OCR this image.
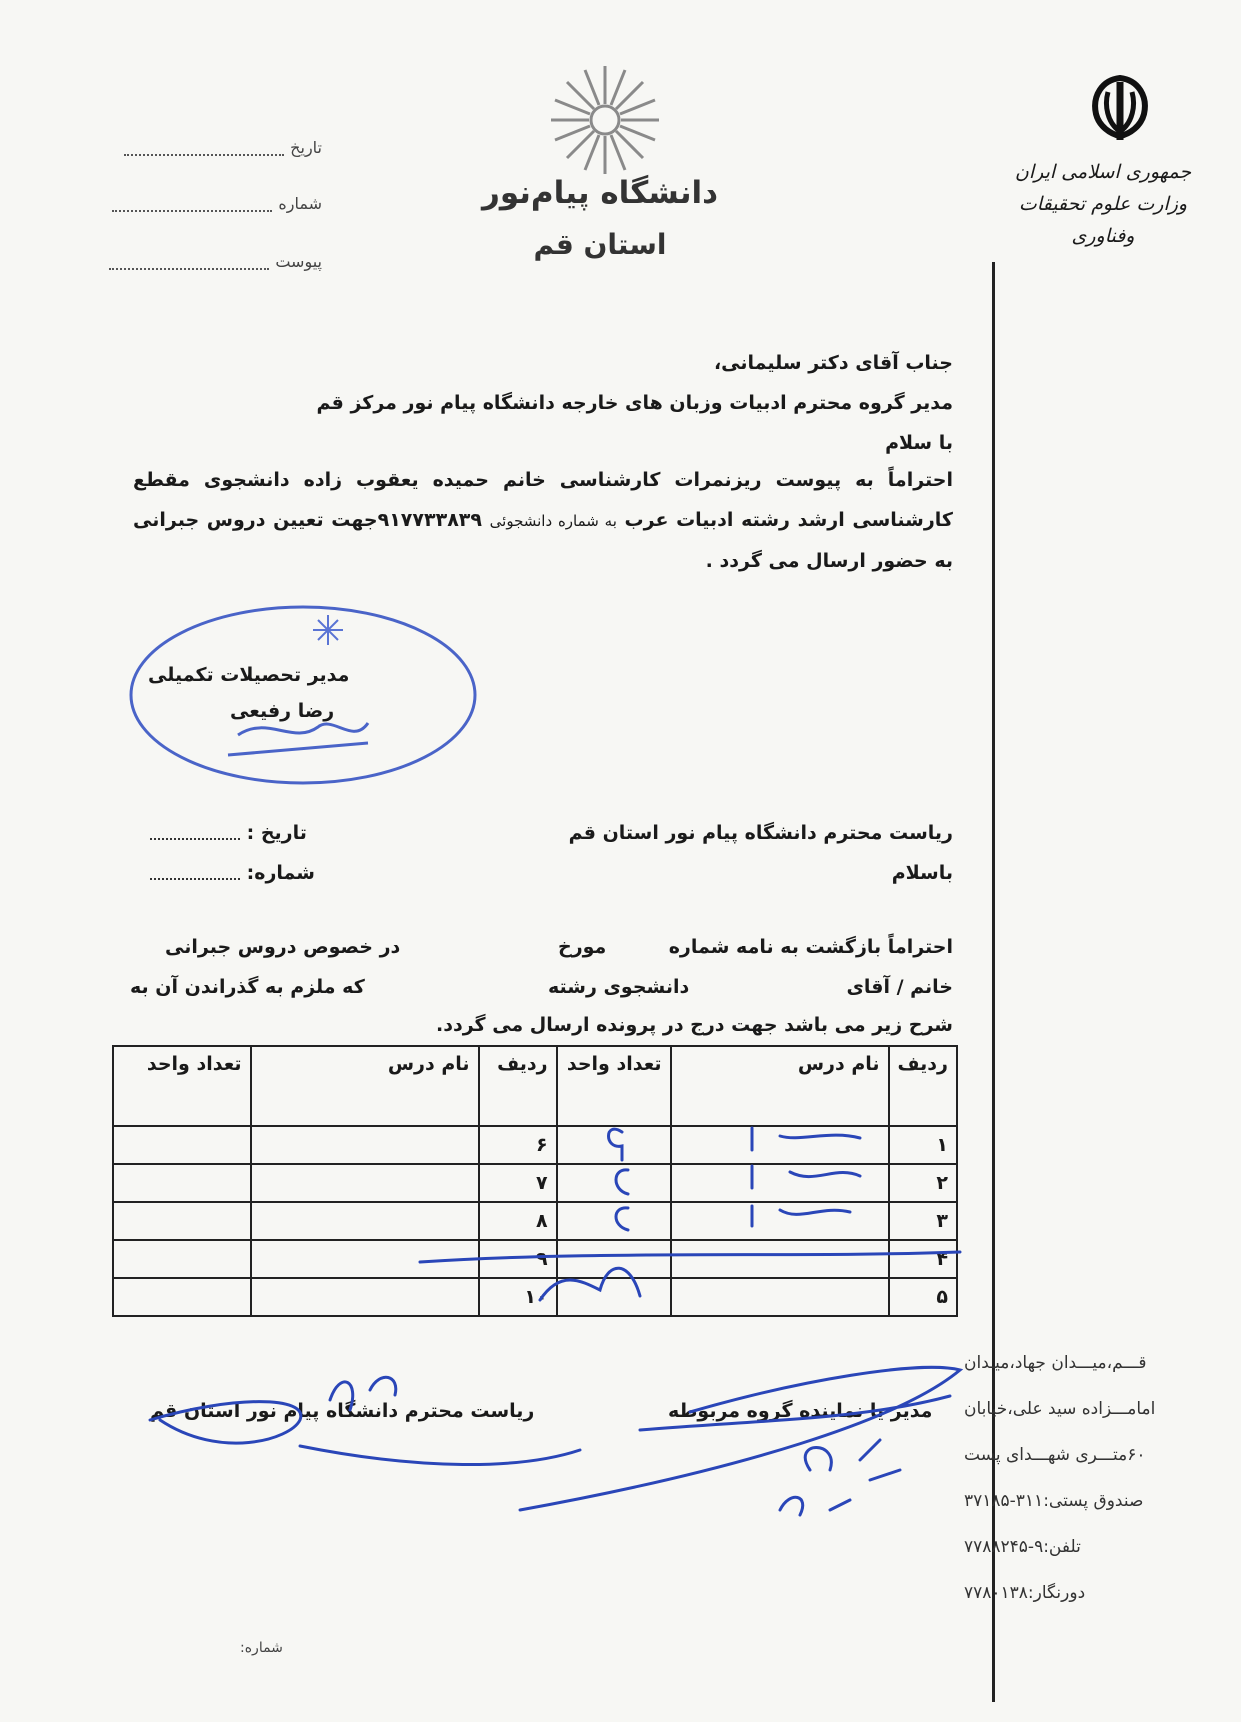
جمهوری اسلامی ایران
وزارت علوم تحقیقات وفناوری
دانشگاه پیام‌نور
استان قم
تاریخ
شماره
پیوست
جناب آقای دکتر سلیمانی،
مدیر گروه محترم ادبیات وزبان های خارجه دانشگاه پیام نور مرکز قم
با سلام
احتراماً به پیوست ریزنمرات کارشناسی خانم حمیده یعقوب زاده دانشجوی مقطع کارشناسی ارشد رشته ادبیات عرب به شماره دانشجوئی ۹۱۷۷۳۳۸۳۹جهت تعیین دروس جبرانی به حضور ارسال می گردد .
مدیر تحصیلات تکمیلی
رضا رفیعی
ریاست محترم دانشگاه پیام نور استان قم
باسلام
تاریخ :
شماره:
احتراماً بازگشت به نامه شماره
مورخ
در خصوص دروس جبرانی
خانم / آقای
دانشجوی رشته
که ملزم به گذراندن آن به
شرح زیر می باشد جهت درج در پرونده ارسال می گردد.
ردیف	نام درس	تعداد واحد	ردیف	نام درس	تعداد واحد
۱			۶		
۲			۷		
۳			۸		
۴			۹		
۵			۱۰		
ریاست محترم دانشگاه پیام نور استان قم	مدیر یا نماینده گروه مربوطه
قـــم،میـــدان جهاد،میـدان
امامـــزاده سید علی،خیابان
۶۰متـــری شهـــدای پست
صندوق پستی:۳۱۱-۳۷۱۸۵
تلفن:۹-۷۷۸۸۲۴۵
دورنگار:۷۷۸۰۱۳۸
شماره:
